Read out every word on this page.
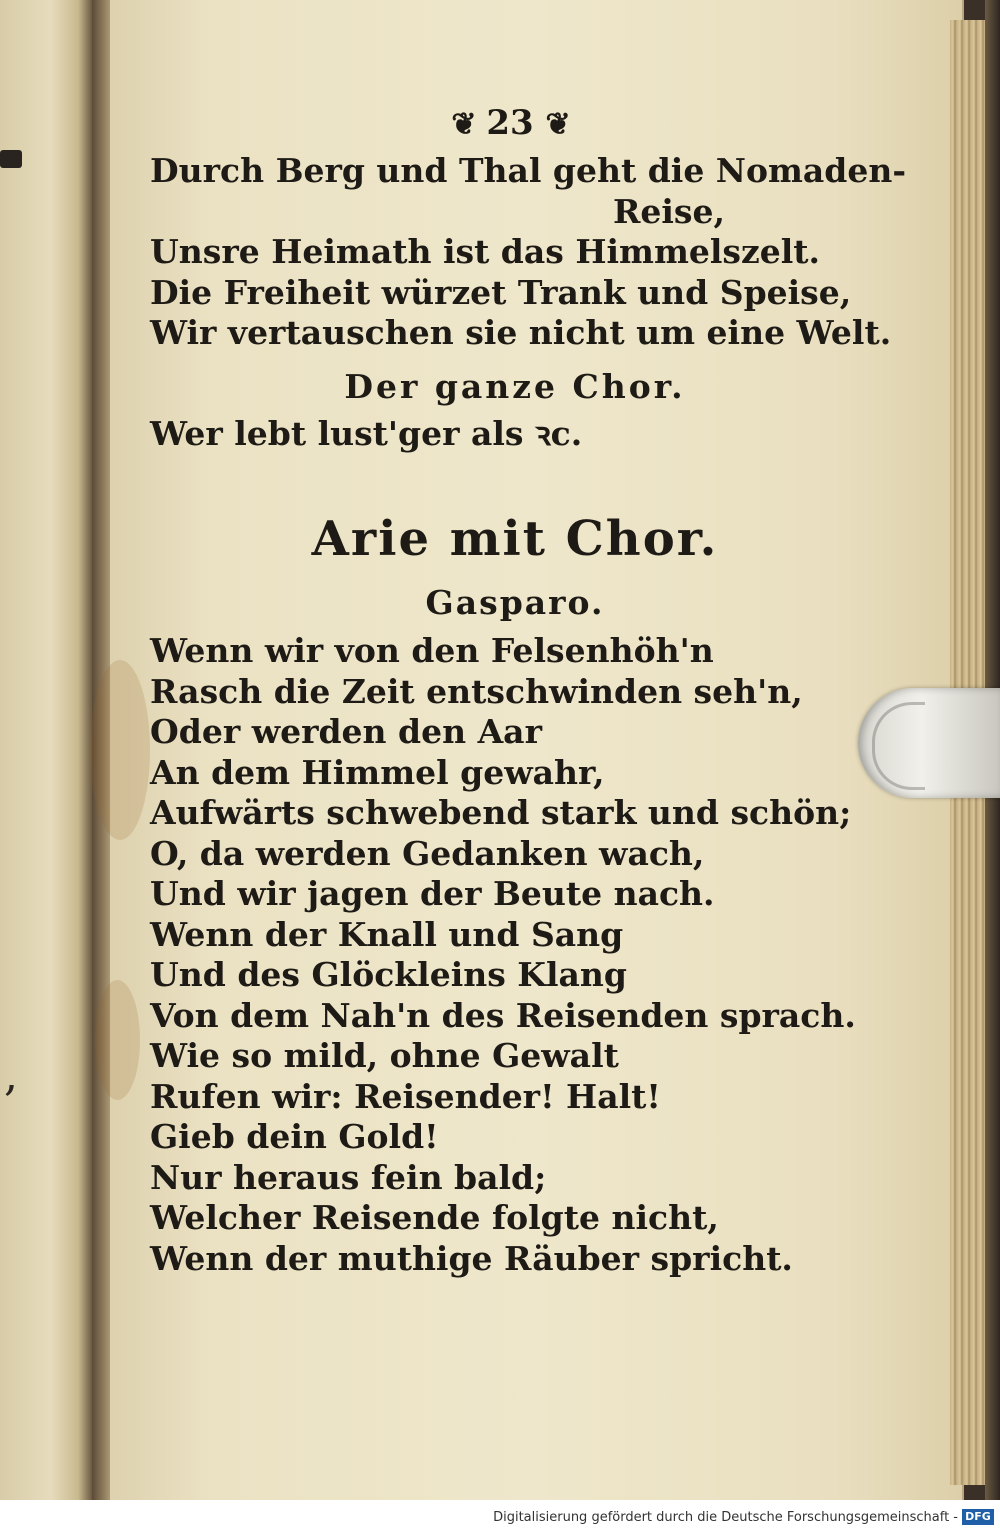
,
❦ 23 ❦
Durch Berg und Thal geht die Nomaden-
Reise,
Unsre Heimath ist das Himmelszelt.
Die Freiheit würzet Trank und Speise,
Wir vertauschen sie nicht um eine Welt.
Der ganze Chor.
Wer lebt lust'ger als ꝛc.
Arie mit Chor.
Gasparo.
Wenn wir von den Felsenhöh'n
Rasch die Zeit entschwinden seh'n,
Oder werden den Aar
An dem Himmel gewahr,
Aufwärts schwebend stark und schön;
O, da werden Gedanken wach,
Und wir jagen der Beute nach.
Wenn der Knall und Sang
Und des Glöckleins Klang
Von dem Nah'n des Reisenden sprach.
Wie so mild, ohne Gewalt
Rufen wir: Reisender! Halt!
Gieb dein Gold!
Nur heraus fein bald;
Welcher Reisende folgte nicht,
Wenn der muthige Räuber spricht.
Digitalisierung gefördert durch die Deutsche Forschungsgemeinschaft - DFG
